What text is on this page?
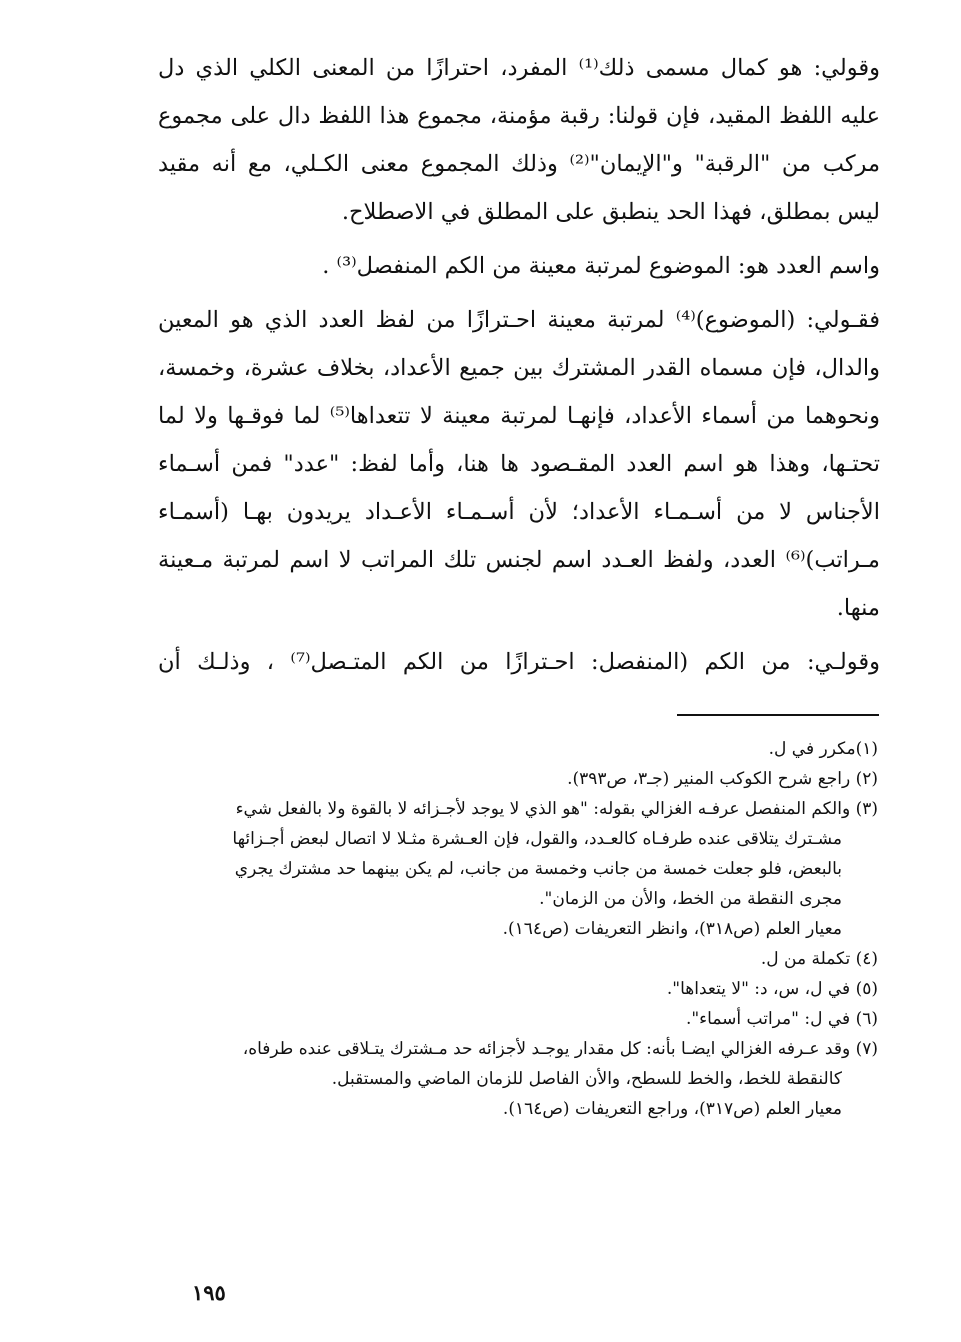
وقولي: هو كمال مسمى ذلك⁽¹⁾ المفرد، احترازًا من المعنى الكلي الذي دل عليه اللفظ المقيد، فإن قولنا: رقبة مؤمنة، مجموع هذا اللفظ دال على مجموع مركب من "الرقبة" و"الإيمان"⁽²⁾ وذلك المجموع معنى الكـلي، مع أنه مقيد ليس بمطلق، فهذا الحد ينطبق على المطلق في الاصطلاح.

واسم العدد هو: الموضوع لمرتبة معينة من الكم المنفصل⁽³⁾ .

فقـولي: (الموضوع)⁽⁴⁾ لمرتبة معينة احـترازًا من لفظ العدد الذي هو المعين والدال، فإن مسماه القدر المشترك بين جميع الأعداد، بخلاف عشرة، وخمسة، ونحوهما من أسماء الأعداد، فإنهـا لمرتبة معينة لا تتعداها⁽⁵⁾ لما فوقـها ولا لما تحتـها، وهذا هو اسم العدد المقـصود ها هنا، وأما لفظ: "عدد" فمن أسـماء الأجناس لا من أسـمـاء الأعداد؛ لأن أسـمـاء الأعـداد يريدون بهـا (أسمـاء مـراتب)⁽⁶⁾ العدد، ولفظ العـدد اسم لجنس تلك المراتب لا اسم لمرتبة مـعينة منها.

وقولـي: من الكم (المنفصل: احـترازًا من الكم المتـصل⁽⁷⁾ ، وذلـك أن

(١)مكرر في ل.
(٢) راجع شرح الكوكب المنير (جـ٣، ص٣٩٣).
(٣) والكم المنفصل عرفـه الغزالي بقوله: "هو الذي لا يوجد لأجـزائه لا بالقوة ولا بالفعل شيء
مشـترك يتلاقى عنده طرفـاه كالعـدد، والقول، فإن العـشرة مثـلا لا اتصال لبعض أجـزائها
بالبعض، فلو جعلت خمسة من جانب وخمسة من جانب، لم يكن بينهما حد مشترك يجري
مجرى النقطة من الخط، والأن من الزمان".
معيار العلم (ص٣١٨)، وانظر التعريفات (ص١٦٤).
(٤) تكملة من ل.
(٥) في ل، س، د: "لا يتعداها".
(٦) في ل: "مراتب أسماء".
(٧) وقد عـرفه الغزالي ايضـا بأنه: كل مقدار يوجـد لأجزائه حد مـشترك يتـلاقى عنده طرفاه،
كالنقطة للخط، والخط للسطح، والأن الفاصل للزمان الماضي والمستقبل.
معيار العلم (ص٣١٧)، وراجع التعريفات (ص١٦٤).
١٩٥
